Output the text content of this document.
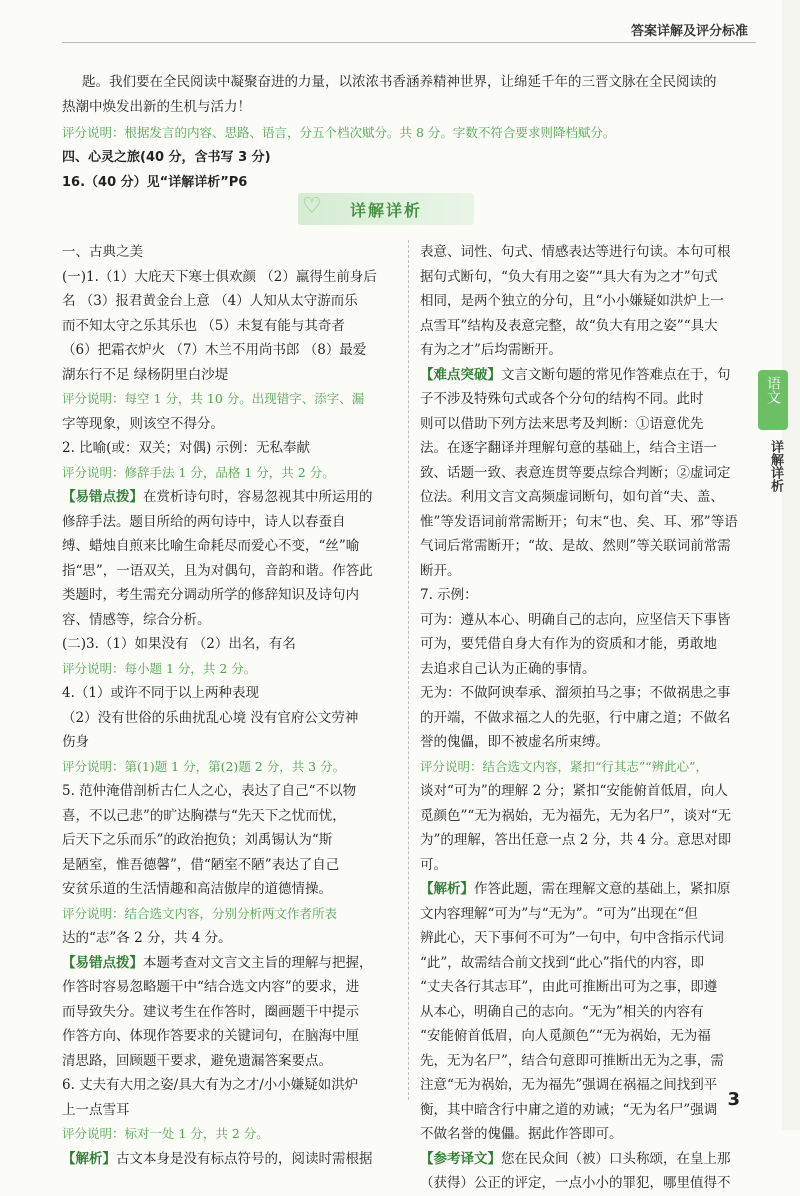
答案详解及评分标准

匙。我们要在全民阅读中凝聚奋进的力量，以浓浓书香涵养精神世界，让绵延千年的三晋文脉在全民阅读的

热潮中焕发出新的生机与活力！

评分说明：根据发言的内容、思路、语言，分五个档次赋分。共 8 分。字数不符合要求则降档赋分。

四、心灵之旅(40 分，含书写 3 分)

16.（40 分）见“详解详析”P6

详解详析
♡

一、古典之美

(一)1.（1）大庇天下寒士俱欢颜 （2）羸得生前身后

名 （3）报君黄金台上意 （4）人知从太守游而乐

而不知太守之乐其乐也 （5）未复有能与其奇者

（6）把霜衣炉火 （7）木兰不用尚书郎 （8）最爱

湖东行不足 绿杨阴里白沙堤

评分说明：每空 1 分，共 10 分。出现错字、添字、漏

字等现象，则该空不得分。

2. 比喻(或：双关；对偶) 示例：无私奉献

评分说明：修辞手法 1 分，品格 1 分，共 2 分。

【易错点拨】在赏析诗句时，容易忽视其中所运用的

修辞手法。题目所给的两句诗中，诗人以春蚕自

缚、蜡烛自煎来比喻生命耗尽而爱心不变，“丝”喻

指“思”，一语双关，且为对偶句，音韵和谐。作答此

类题时，考生需充分调动所学的修辞知识及诗句内

容、情感等，综合分析。

(二)3.（1）如果没有 （2）出名，有名

评分说明：每小题 1 分，共 2 分。

4.（1）或许不同于以上两种表现

（2）没有世俗的乐曲扰乱心境 没有官府公文劳神

伤身

评分说明：第(1)题 1 分，第(2)题 2 分，共 3 分。

5. 范仲淹借剖析古仁人之心，表达了自己“不以物

喜，不以己悲”的旷达胸襟与“先天下之忧而忧，

后天下之乐而乐”的政治抱负；刘禹锡认为“斯

是陋室，惟吾德馨”，借“陋室不陋”表达了自己

安贫乐道的生活情趣和高洁傲岸的道德情操。

评分说明：结合选文内容，分别分析两文作者所表

达的“志”各 2 分，共 4 分。

【易错点拨】本题考查对文言文主旨的理解与把握，

作答时容易忽略题干中“结合选文内容”的要求，进

而导致失分。建议考生在作答时，圈画题干中提示

作答方向、体现作答要求的关键词句，在脑海中厘

清思路，回顾题干要求，避免遗漏答案要点。

6. 丈夫有大用之姿/具大有为之才/小小嫌疑如洪炉

上一点雪耳

评分说明：标对一处 1 分，共 2 分。

【解析】古文本身是没有标点符号的，阅读时需根据

表意、词性、句式、情感表达等进行句读。本句可根

据句式断句，“负大有用之姿”“具大有为之才”句式

相同，是两个独立的分句，且“小小嫌疑如洪炉上一

点雪耳”结构及表意完整，故“负大有用之姿”“具大

有为之才”后均需断开。

【难点突破】文言文断句题的常见作答难点在于，句

子不涉及特殊句式或各个分句的结构不同。此时

则可以借助下列方法来思考及判断：①语意优先

法。在逐字翻译并理解句意的基础上，结合主语一

致、话题一致、表意连贯等要点综合判断；②虚词定

位法。利用文言文高频虚词断句，如句首“夫、盖、

惟”等发语词前常需断开；句末“也、矣、耳、邪”等语

气词后常需断开；“故、是故、然则”等关联词前常需

断开。

7. 示例：

可为：遵从本心、明确自己的志向，应坚信天下事皆

可为，要凭借自身大有作为的资质和才能，勇敢地

去追求自己认为正确的事情。

无为：不做阿谀奉承、溜须拍马之事；不做祸患之事

的开端，不做求福之人的先驱，行中庸之道；不做名

誉的傀儡，即不被虚名所束缚。

评分说明：结合选文内容，紧扣“行其志”“辨此心”，

谈对“可为”的理解 2 分；紧扣“安能俯首低眉，向人

觅颜色”“无为祸始，无为福先，无为名尸”，谈对“无

为”的理解，答出任意一点 2 分，共 4 分。意思对即可。

【解析】作答此题，需在理解文意的基础上，紧扣原

文内容理解“可为”与“无为”。“可为”出现在“但

辨此心，天下事何不可为”一句中，句中含指示代词

“此”，故需结合前文找到“此心”指代的内容，即

“丈夫各行其志耳”，由此可推断出可为之事，即遵

从本心，明确自己的志向。“无为”相关的内容有

“安能俯首低眉，向人觅颜色”“无为祸始，无为福

先，无为名尸”，结合句意即可推断出无为之事，需

注意“无为祸始，无为福先”强调在祸福之间找到平

衡，其中暗含行中庸之道的劝诫；“无为名尸”强调

不做名誉的傀儡。据此作答即可。

【参考译文】您在民众间（被）口头称颂，在皇上那

（获得）公正的评定，一点小小的罪犯，哪里值得不

语文
详解详析
3
